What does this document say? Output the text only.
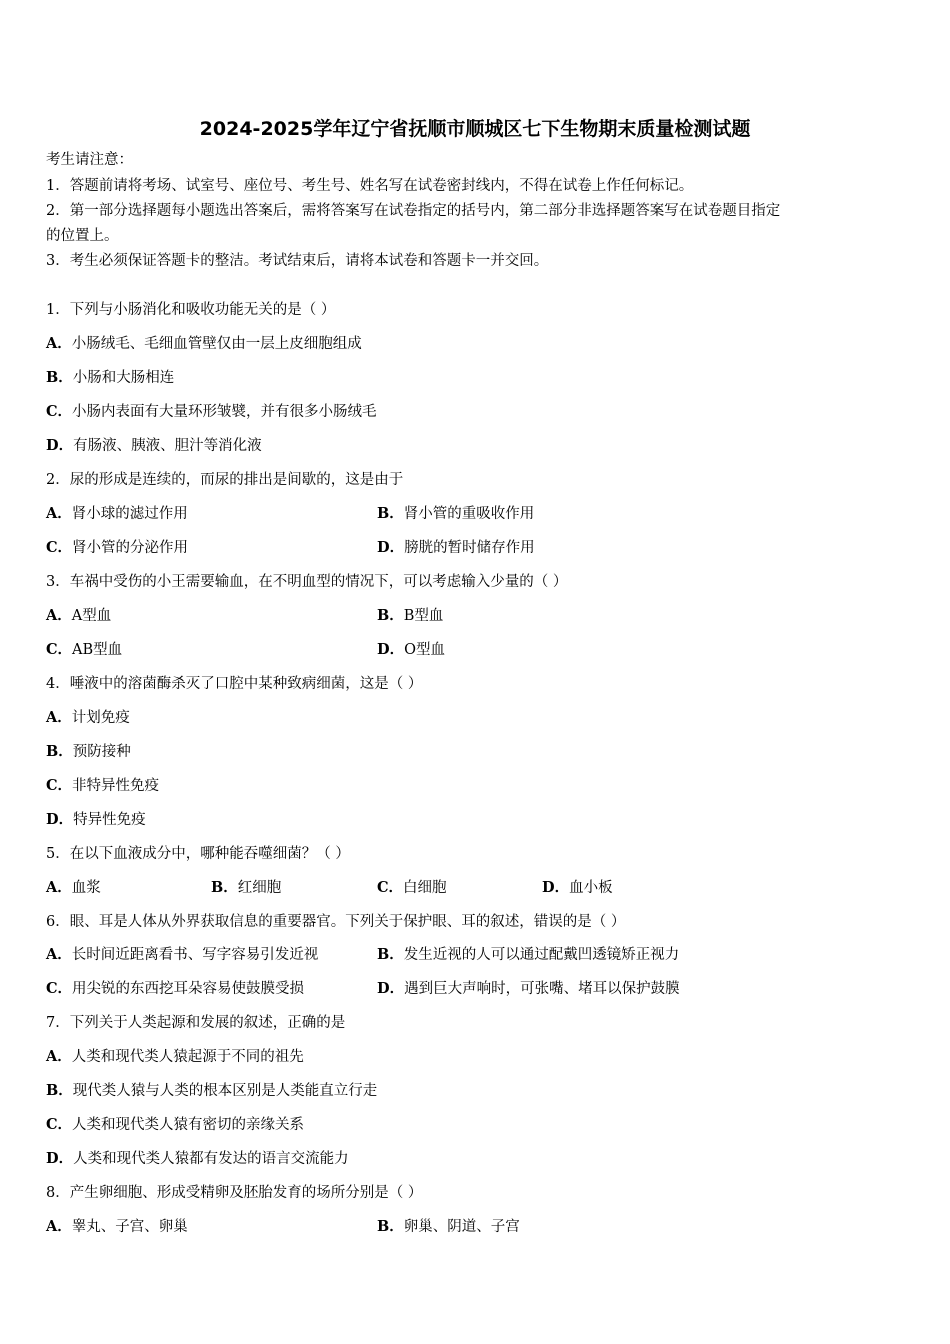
2024-2025学年辽宁省抚顺市顺城区七下生物期末质量检测试题
考生请注意：
1．答题前请将考场、试室号、座位号、考生号、姓名写在试卷密封线内，不得在试卷上作任何标记。
2．第一部分选择题每小题选出答案后，需将答案写在试卷指定的括号内，第二部分非选择题答案写在试卷题目指定
的位置上。
3．考生必须保证答题卡的整洁。考试结束后，请将本试卷和答题卡一并交回。
1．下列与小肠消化和吸收功能无关的是（ ）
A．小肠绒毛、毛细血管壁仅由一层上皮细胞组成
B．小肠和大肠相连
C．小肠内表面有大量环形皱襞，并有很多小肠绒毛
D．有肠液、胰液、胆汁等消化液
2．尿的形成是连续的，而尿的排出是间歇的，这是由于
A．肾小球的滤过作用	B．肾小管的重吸收作用
C．肾小管的分泌作用	D．膀胱的暂时储存作用
3．车祸中受伤的小王需要输血，在不明血型的情况下，可以考虑输入少量的（ ）
A．A型血	B．B型血
C．AB型血	D．O型血
4．唾液中的溶菌酶杀灭了口腔中某种致病细菌，这是（ ）
A．计划免疫
B．预防接种
C．非特异性免疫
D．特异性免疫
5．在以下血液成分中，哪种能吞噬细菌？（ ）
A．血浆	B．红细胞	C．白细胞	D．血小板
6．眼、耳是人体从外界获取信息的重要器官。下列关于保护眼、耳的叙述，错误的是（ ）
A．长时间近距离看书、写字容易引发近视	B．发生近视的人可以通过配戴凹透镜矫正视力
C．用尖锐的东西挖耳朵容易使鼓膜受损	D．遇到巨大声响时，可张嘴、堵耳以保护鼓膜
7．下列关于人类起源和发展的叙述，正确的是
A．人类和现代类人猿起源于不同的祖先
B．现代类人猿与人类的根本区别是人类能直立行走
C．人类和现代类人猿有密切的亲缘关系
D．人类和现代类人猿都有发达的语言交流能力
8．产生卵细胞、形成受精卵及胚胎发育的场所分别是（ ）
A．睾丸、子宫、卵巢	B．卵巢、阴道、子宫
